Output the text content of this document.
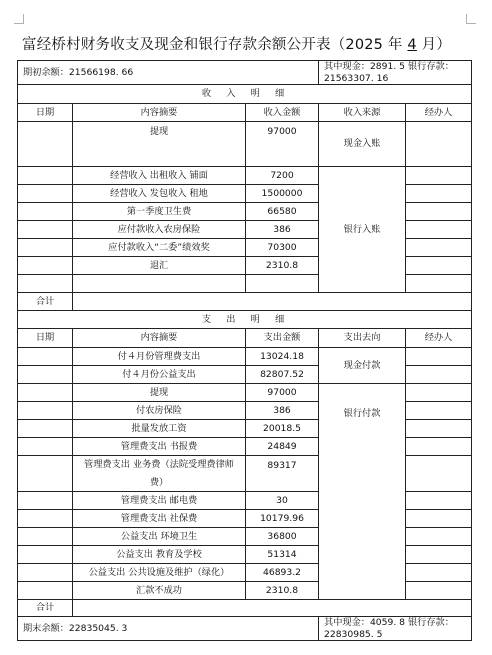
富经桥村财务收支及现金和银行存款余额公开表（2025 年 4 月）
期初余额：21566198. 66			其中现金：2891. 5 银行存款：21563307. 16	
收　入　明　细				
日期	内容摘要	收入金额	收入来源	经办人
	提现	97000	现金入账	
	经营收入 出租收入 铺面	7200	银行入账	
	经营收入 发包收入 租地	1500000		
	第一季度卫生费	66580		
	应付款收入农房保险	386		
	应付款收入“二委”绩效奖	70300		
	退汇	2310.8		

合计				
支　出　明　细				
日期	内容摘要	支出金额	支出去向	经办人
	付４月份管理费支出	13024.18	现金付款	
	付４月份公益支出	82807.52		
	提现	97000	银行付款	
	付农房保险	386		
	批量发放工资	20018.5		
	管理费支出 书报费	24849		
	管理费支出 业务费（法院受理费律师费）	89317		
	管理费支出 邮电费	30		
	管理费支出 社保费	10179.96		
	公益支出 环境卫生	36800		
	公益支出 教育及学校	51314		
	公益支出 公共设施及维护（绿化）	46893.2		
	汇款不成功	2310.8		
合计				
期末余额：22835045. 3			其中现金：4059. 8 银行存款：22830985. 5	
